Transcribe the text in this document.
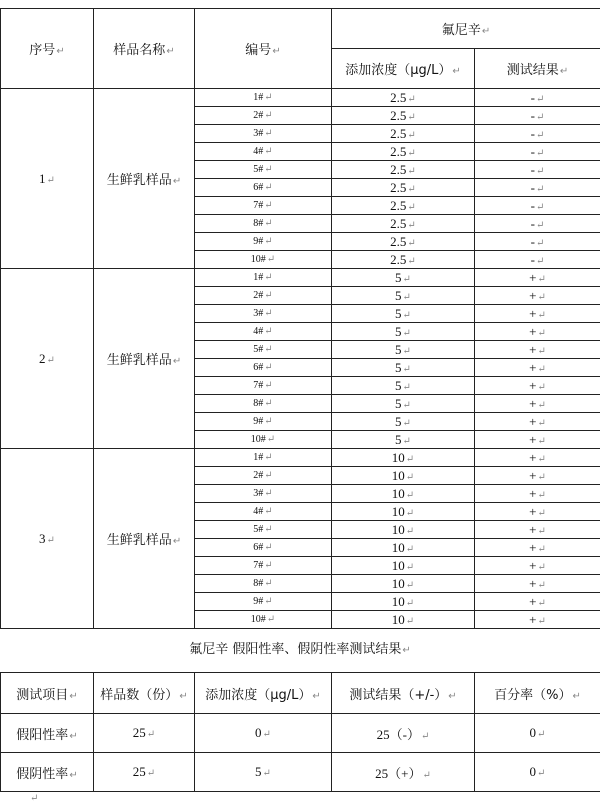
序号↵	样品名称↵	编号↵	氟尼辛↵	
			添加浓度（μg/L）↵	测试结果↵
1↵	生鲜乳样品↵	1#↵	2.5↵	-↵
		2#↵	2.5↵	-↵
		3#↵	2.5↵	-↵
		4#↵	2.5↵	-↵
		5#↵	2.5↵	-↵
		6#↵	2.5↵	-↵
		7#↵	2.5↵	-↵
		8#↵	2.5↵	-↵
		9#↵	2.5↵	-↵
		10#↵	2.5↵	-↵
2↵	生鲜乳样品↵	1#↵	5↵	+↵
		2#↵	5↵	+↵
		3#↵	5↵	+↵
		4#↵	5↵	+↵
		5#↵	5↵	+↵
		6#↵	5↵	+↵
		7#↵	5↵	+↵
		8#↵	5↵	+↵
		9#↵	5↵	+↵
		10#↵	5↵	+↵
3↵	生鲜乳样品↵	1#↵	10↵	+↵
		2#↵	10↵	+↵
		3#↵	10↵	+↵
		4#↵	10↵	+↵
		5#↵	10↵	+↵
		6#↵	10↵	+↵
		7#↵	10↵	+↵
		8#↵	10↵	+↵
		9#↵	10↵	+↵
		10#↵	10↵	+↵
氟尼辛 假阳性率、假阴性率测试结果↵
测试项目↵	样品数（份）↵	添加浓度（μg/L）↵	测试结果（+/-）↵	百分率（%）↵
假阳性率↵	25↵	0↵	25（-）↵	0↵
假阴性率↵	25↵	5↵	25（+）↵	0↵
↵
